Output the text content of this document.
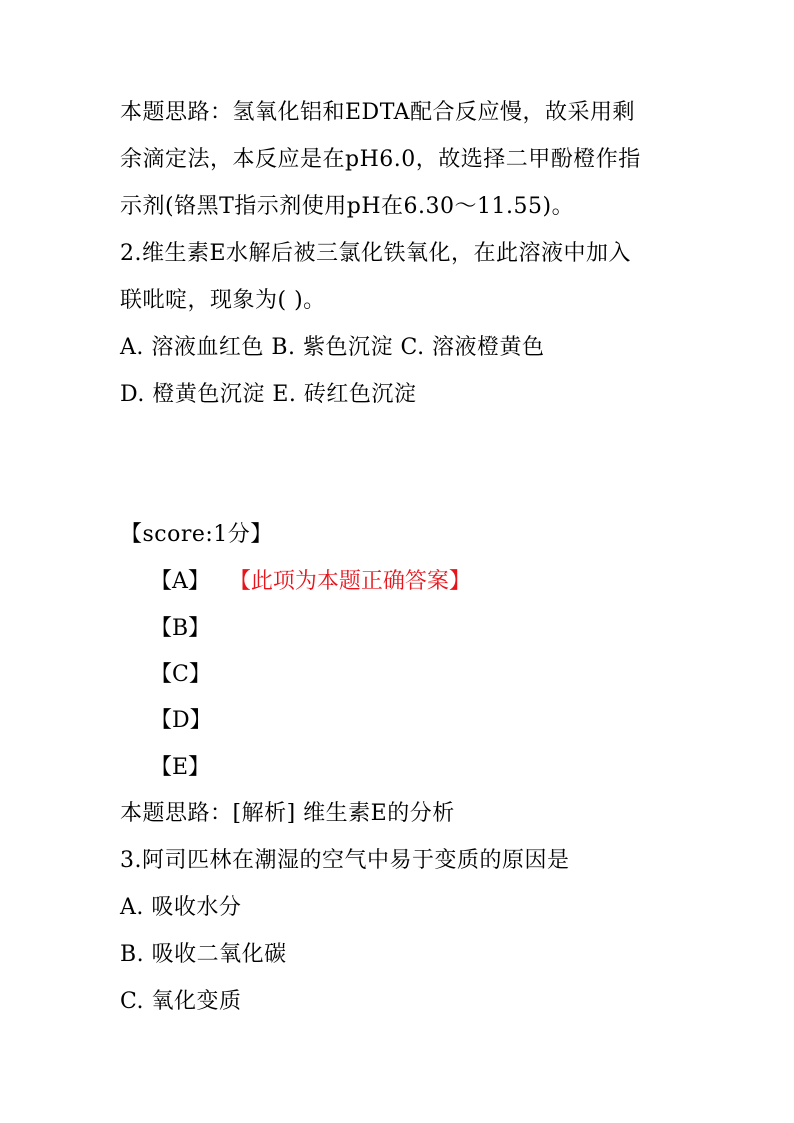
本题思路：氢氧化铝和EDTA配合反应慢，故采用剩
余滴定法，本反应是在pH6.0，故选择二甲酚橙作指
示剂(铬黑T指示剂使用pH在6.30～11.55)。
2.维生素E水解后被三氯化铁氧化，在此溶液中加入
联吡啶，现象为( )。
A. 溶液血红色 B. 紫色沉淀 C. 溶液橙黄色
D. 橙黄色沉淀 E. 砖红色沉淀
【score:1分】
【A】 【此项为本题正确答案】
【B】
【C】
【D】
【E】
本题思路：[解析] 维生素E的分析
3.阿司匹林在潮湿的空气中易于变质的原因是
A. 吸收水分
B. 吸收二氧化碳
C. 氧化变质
